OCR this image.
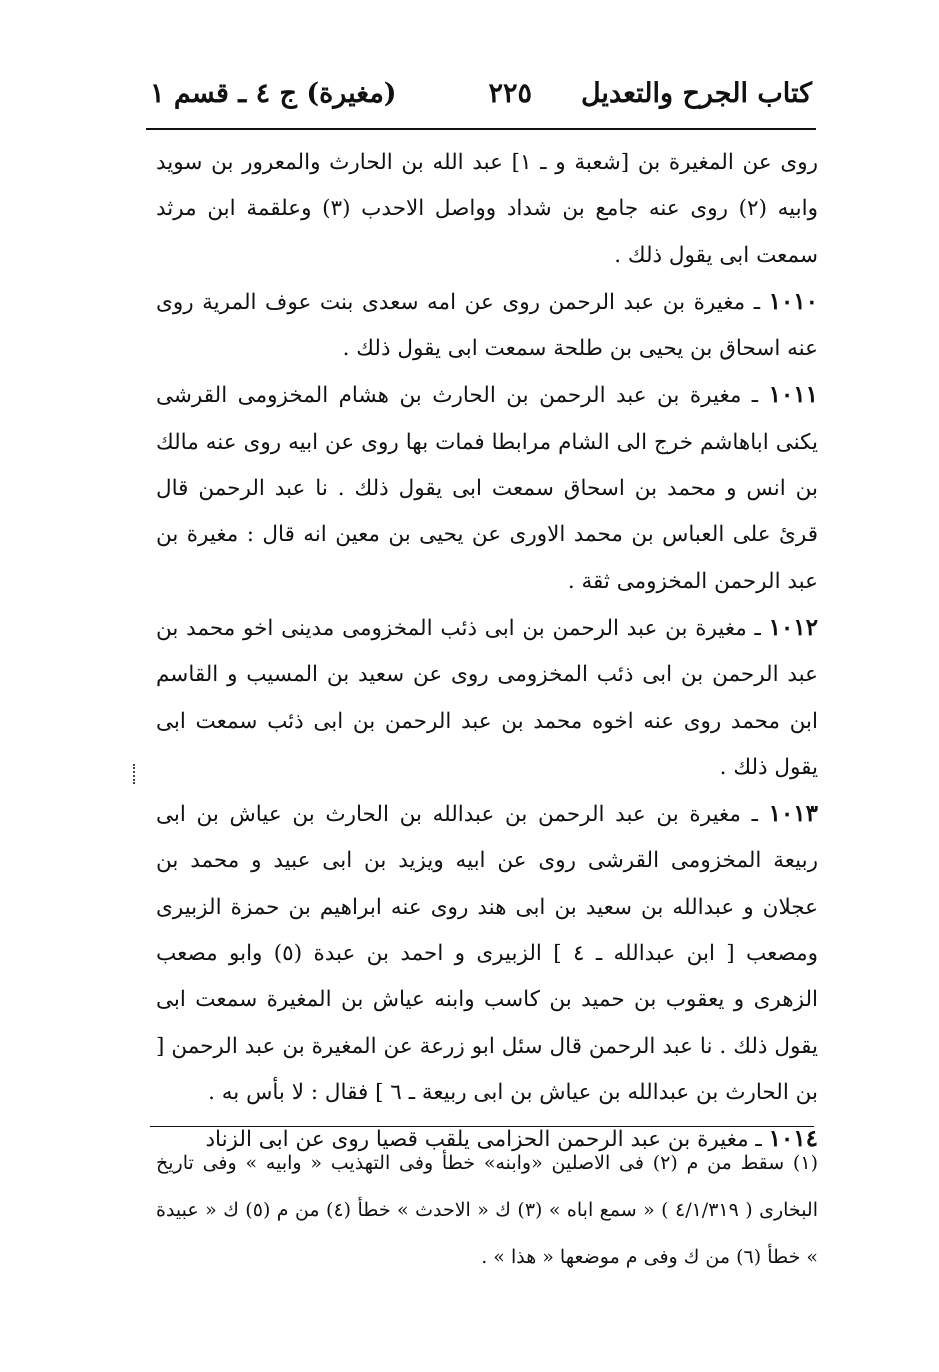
كتاب الجرح والتعديل
٢٢٥
(مغيرة) ج ٤ ـ قسم ١

روى عن المغيرة بن [شعبة و ـ ١] عبد الله بن الحارث والمعرور بن سويد وابيه (٢) روى عنه جامع بن شداد وواصل الاحدب (٣) وعلقمة ابن مرثد سمعت ابى يقول ذلك .

١٠١٠ ـ مغيرة بن عبد الرحمن روى عن امه سعدى بنت عوف المرية روى عنه اسحاق بن يحيى بن طلحة سمعت ابى يقول ذلك .

١٠١١ ـ مغيرة بن عبد الرحمن بن الحارث بن هشام المخزومى القرشى يكنى اباهاشم خرج الى الشام مرابطا فمات بها روى عن ابيه روى عنه مالك بن انس و محمد بن اسحاق سمعت ابى يقول ذلك . نا عبد الرحمن قال قرئ على العباس بن محمد الاورى عن يحيى بن معين انه قال : مغيرة بن عبد الرحمن المخزومى ثقة .

١٠١٢ ـ مغيرة بن عبد الرحمن بن ابى ذئب المخزومى مدينى اخو محمد بن عبد الرحمن بن ابى ذئب المخزومى روى عن سعيد بن المسيب و القاسم ابن محمد روى عنه اخوه محمد بن عبد الرحمن بن ابى ذئب سمعت ابى يقول ذلك .

١٠١٣ ـ مغيرة بن عبد الرحمن بن عبدالله بن الحارث بن عياش بن ابى ربيعة المخزومى القرشى روى عن ابيه ويزيد بن ابى عبيد و محمد بن عجلان و عبدالله بن سعيد بن ابى هند روى عنه ابراهيم بن حمزة الزبيرى ومصعب [ ابن عبدالله ـ ٤ ] الزبيرى و احمد بن عبدة (٥) وابو مصعب الزهرى و يعقوب بن حميد بن كاسب وابنه عياش بن المغيرة سمعت ابى يقول ذلك . نا عبد الرحمن قال سئل ابو زرعة عن المغيرة بن عبد الرحمن [ بن الحارث بن عبدالله بن عياش بن ابى ربيعة ـ ٦ ] فقال : لا بأس به .

١٠١٤ ـ مغيرة بن عبد الرحمن الحزامى يلقب قصيا روى عن ابى الزناد

(١) سقط من م (٢) فى الاصلين «وابنه» خطأ وفى التهذيب « وابيه » وفى تاريخ البخارى ( ٤/١/٣١٩ ) « سمع اباه » (٣) ك « الاحدث » خطأ (٤) من م (٥) ك « عبيدة » خطأ (٦) من ك وفى م موضعها « هذا » .
